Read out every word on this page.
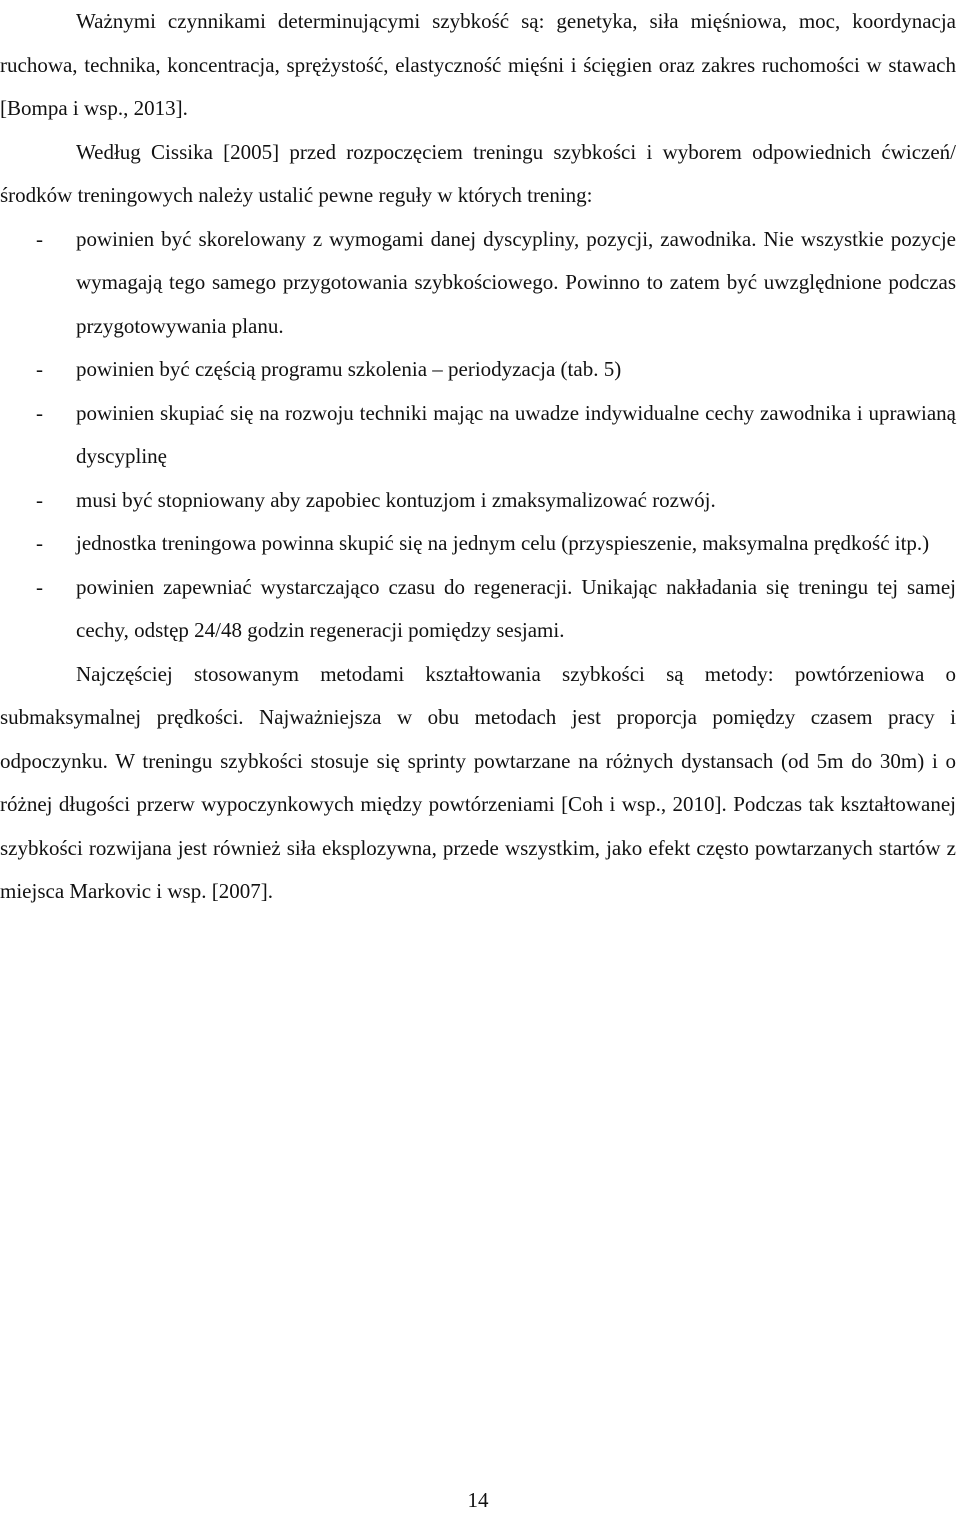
Ważnymi czynnikami determinującymi szybkość są: genetyka, siła mięśniowa, moc, koordynacja ruchowa, technika, koncentracja, sprężystość, elastyczność mięśni i ścięgien oraz zakres ruchomości w stawach [Bompa i wsp., 2013].

Według Cissika [2005] przed rozpoczęciem treningu szybkości i wyborem odpowiednich ćwiczeń/środków treningowych należy ustalić pewne reguły w których trening:

- powinien być skorelowany z wymogami danej dyscypliny, pozycji, zawodnika. Nie wszystkie pozycje wymagają tego samego przygotowania szybkościowego. Powinno to zatem być uwzględnione podczas przygotowywania planu.
- powinien być częścią programu szkolenia – periodyzacja (tab. 5)
- powinien skupiać się na rozwoju techniki mając na uwadze indywidualne cechy zawodnika i uprawianą dyscyplinę
- musi być stopniowany aby zapobiec kontuzjom i zmaksymalizować rozwój.
- jednostka treningowa powinna skupić się na jednym celu (przyspieszenie, maksymalna prędkość itp.)
- powinien zapewniać wystarczająco czasu do regeneracji. Unikając nakładania się treningu tej samej cechy, odstęp 24/48 godzin regeneracji pomiędzy sesjami.

Najczęściej stosowanym metodami kształtowania szybkości są metody: powtórzeniowa o submaksymalnej prędkości. Najważniejsza w obu metodach jest proporcja pomiędzy czasem pracy i odpoczynku. W treningu szybkości stosuje się sprinty powtarzane na różnych dystansach (od 5m do 30m) i o różnej długości przerw wypoczynkowych między powtórzeniami [Coh i wsp., 2010]. Podczas tak kształtowanej szybkości rozwijana jest również siła eksplozywna, przede wszystkim, jako efekt często powtarzanych startów z miejsca Markovic i wsp. [2007].

14
